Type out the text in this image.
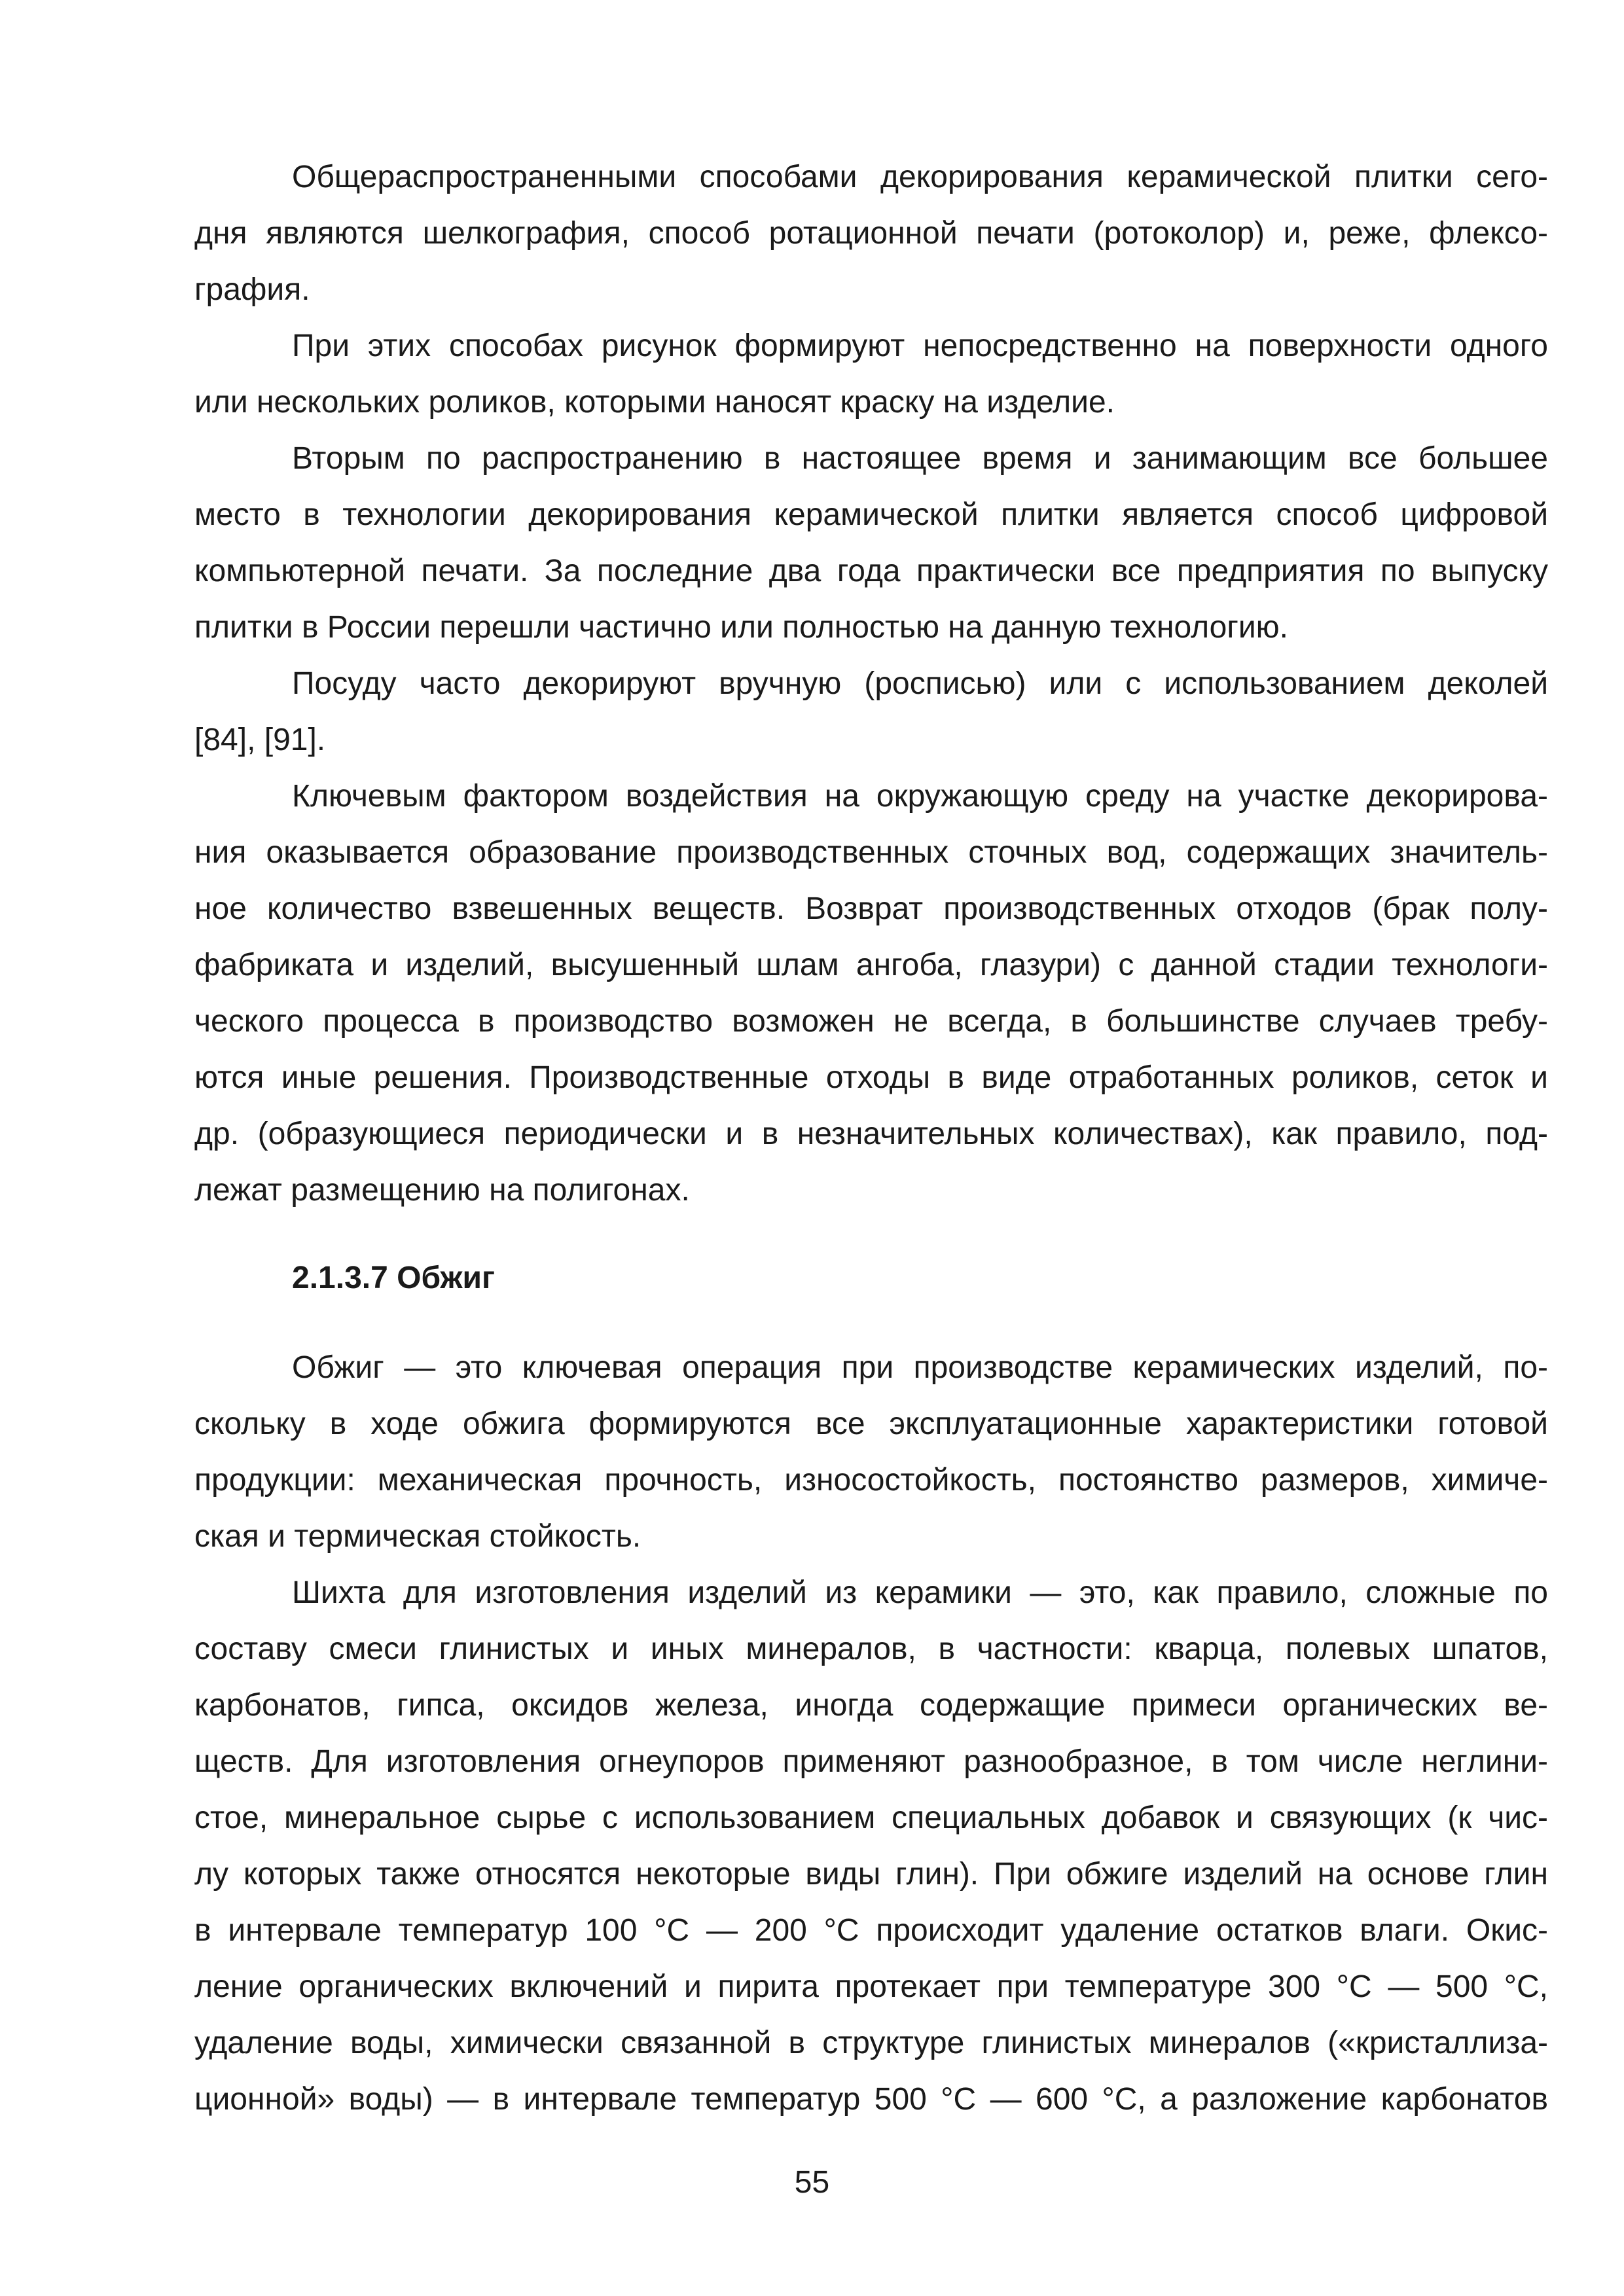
Общераспространенными способами декорирования керамической плитки сего-
дня являются шелкография, способ ротационной печати (ротоколор) и, реже, флексо-
графия.
При этих способах рисунок формируют непосредственно на поверхности одного
или нескольких роликов, которыми наносят краску на изделие.
Вторым по распространению в настоящее время и занимающим все большее
место в технологии декорирования керамической плитки является способ цифровой
компьютерной печати. За последние два года практически все предприятия по выпуску
плитки в России перешли частично или полностью на данную технологию.
Посуду часто декорируют вручную (росписью) или с использованием деколей
[84], [91].
Ключевым фактором воздействия на окружающую среду на участке декорирова-
ния оказывается образование производственных сточных вод, содержащих значитель-
ное количество взвешенных веществ. Возврат производственных отходов (брак полу-
фабриката и изделий, высушенный шлам ангоба, глазури) с данной стадии технологи-
ческого процесса в производство возможен не всегда, в большинстве случаев требу-
ются иные решения. Производственные отходы в виде отработанных роликов, сеток и
др. (образующиеся периодически и в незначительных количествах), как правило, под-
лежат размещению на полигонах.
2.1.3.7 Обжиг
Обжиг — это ключевая операция при производстве керамических изделий, по-
скольку в ходе обжига формируются все эксплуатационные характеристики готовой
продукции: механическая прочность, износостойкость, постоянство размеров, химиче-
ская и термическая стойкость.
Шихта для изготовления изделий из керамики — это, как правило, сложные по
составу смеси глинистых и иных минералов, в частности: кварца, полевых шпатов,
карбонатов, гипса, оксидов железа, иногда содержащие примеси органических ве-
ществ. Для изготовления огнеупоров применяют разнообразное, в том числе неглини-
стое, минеральное сырье с использованием специальных добавок и связующих (к чис-
лу которых также относятся некоторые виды глин). При обжиге изделий на основе глин
в интервале температур 100 °С — 200 °С происходит удаление остатков влаги. Окис-
ление органических включений и пирита протекает при температуре 300 °С — 500 °С,
удаление воды, химически связанной в структуре глинистых минералов («кристаллиза-
ционной» воды) — в интервале температур 500 °С — 600 °С, а разложение карбонатов
55
